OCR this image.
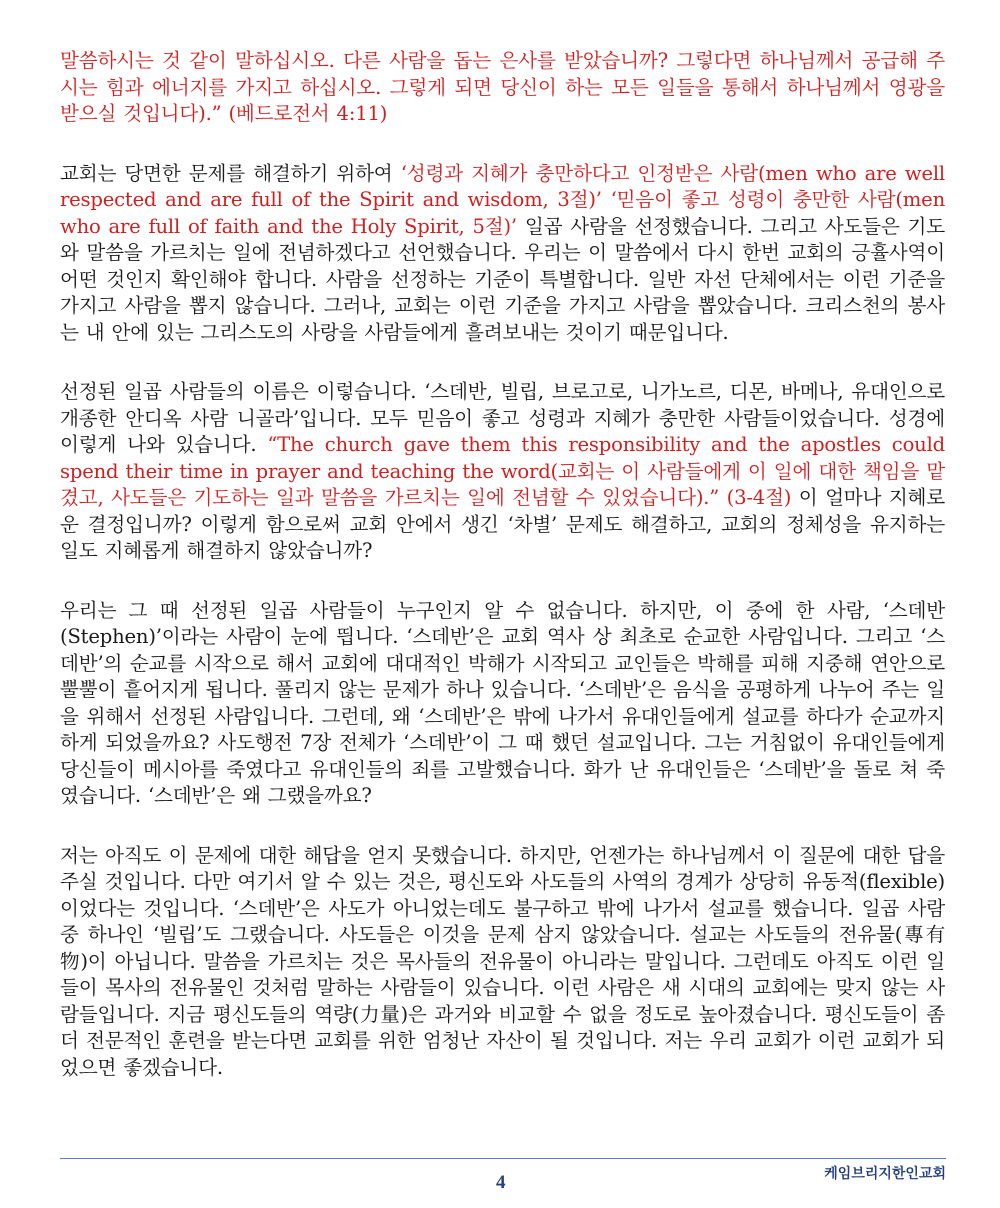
말씀하시는 것 같이 말하십시오. 다른 사람을 돕는 은사를 받았습니까? 그렇다면 하나님께서 공급해 주시는 힘과 에너지를 가지고 하십시오. 그렇게 되면 당신이 하는 모든 일들을 통해서 하나님께서 영광을 받으실 것입니다).” (베드로전서 4:11)

교회는 당면한 문제를 해결하기 위하여 ‘성령과 지혜가 충만하다고 인정받은 사람(men who are well respected and are full of the Spirit and wisdom, 3절)’ ‘믿음이 좋고 성령이 충만한 사람(men who are full of faith and the Holy Spirit, 5절)’ 일곱 사람을 선정했습니다. 그리고 사도들은 기도와 말씀을 가르치는 일에 전념하겠다고 선언했습니다. 우리는 이 말씀에서 다시 한번 교회의 긍휼사역이 어떤 것인지 확인해야 합니다. 사람을 선정하는 기준이 특별합니다. 일반 자선 단체에서는 이런 기준을 가지고 사람을 뽑지 않습니다. 그러나, 교회는 이런 기준을 가지고 사람을 뽑았습니다. 크리스천의 봉사는 내 안에 있는 그리스도의 사랑을 사람들에게 흘려보내는 것이기 때문입니다.

선정된 일곱 사람들의 이름은 이렇습니다. ‘스데반, 빌립, 브로고로, 니가노르, 디몬, 바메나, 유대인으로 개종한 안디옥 사람 니골라’입니다. 모두 믿음이 좋고 성령과 지혜가 충만한 사람들이었습니다. 성경에 이렇게 나와 있습니다. “The church gave them this responsibility and the apostles could spend their time in prayer and teaching the word(교회는 이 사람들에게 이 일에 대한 책임을 맡겼고, 사도들은 기도하는 일과 말씀을 가르치는 일에 전념할 수 있었습니다).” (3-4절) 이 얼마나 지혜로운 결정입니까? 이렇게 함으로써 교회 안에서 생긴 ‘차별’ 문제도 해결하고, 교회의 정체성을 유지하는 일도 지혜롭게 해결하지 않았습니까?

우리는 그 때 선정된 일곱 사람들이 누구인지 알 수 없습니다. 하지만, 이 중에 한 사람, ‘스데반(Stephen)’이라는 사람이 눈에 띕니다. ‘스데반’은 교회 역사 상 최초로 순교한 사람입니다. 그리고 ‘스데반’의 순교를 시작으로 해서 교회에 대대적인 박해가 시작되고 교인들은 박해를 피해 지중해 연안으로 뿔뿔이 흩어지게 됩니다. 풀리지 않는 문제가 하나 있습니다. ‘스데반’은 음식을 공평하게 나누어 주는 일을 위해서 선정된 사람입니다. 그런데, 왜 ‘스데반’은 밖에 나가서 유대인들에게 설교를 하다가 순교까지 하게 되었을까요? 사도행전 7장 전체가 ‘스데반’이 그 때 했던 설교입니다. 그는 거침없이 유대인들에게 당신들이 메시아를 죽였다고 유대인들의 죄를 고발했습니다. 화가 난 유대인들은 ‘스데반’을 돌로 쳐 죽였습니다. ‘스데반’은 왜 그랬을까요?

저는 아직도 이 문제에 대한 해답을 얻지 못했습니다. 하지만, 언젠가는 하나님께서 이 질문에 대한 답을 주실 것입니다. 다만 여기서 알 수 있는 것은, 평신도와 사도들의 사역의 경계가 상당히 유동적(flexible)이었다는 것입니다. ‘스데반’은 사도가 아니었는데도 불구하고 밖에 나가서 설교를 했습니다. 일곱 사람 중 하나인 ‘빌립’도 그랬습니다. 사도들은 이것을 문제 삼지 않았습니다. 설교는 사도들의 전유물(專有物)이 아닙니다. 말씀을 가르치는 것은 목사들의 전유물이 아니라는 말입니다. 그런데도 아직도 이런 일들이 목사의 전유물인 것처럼 말하는 사람들이 있습니다. 이런 사람은 새 시대의 교회에는 맞지 않는 사람들입니다. 지금 평신도들의 역량(力量)은 과거와 비교할 수 없을 정도로 높아졌습니다. 평신도들이 좀더 전문적인 훈련을 받는다면 교회를 위한 엄청난 자산이 될 것입니다. 저는 우리 교회가 이런 교회가 되었으면 좋겠습니다.

4	케임브리지한인교회
